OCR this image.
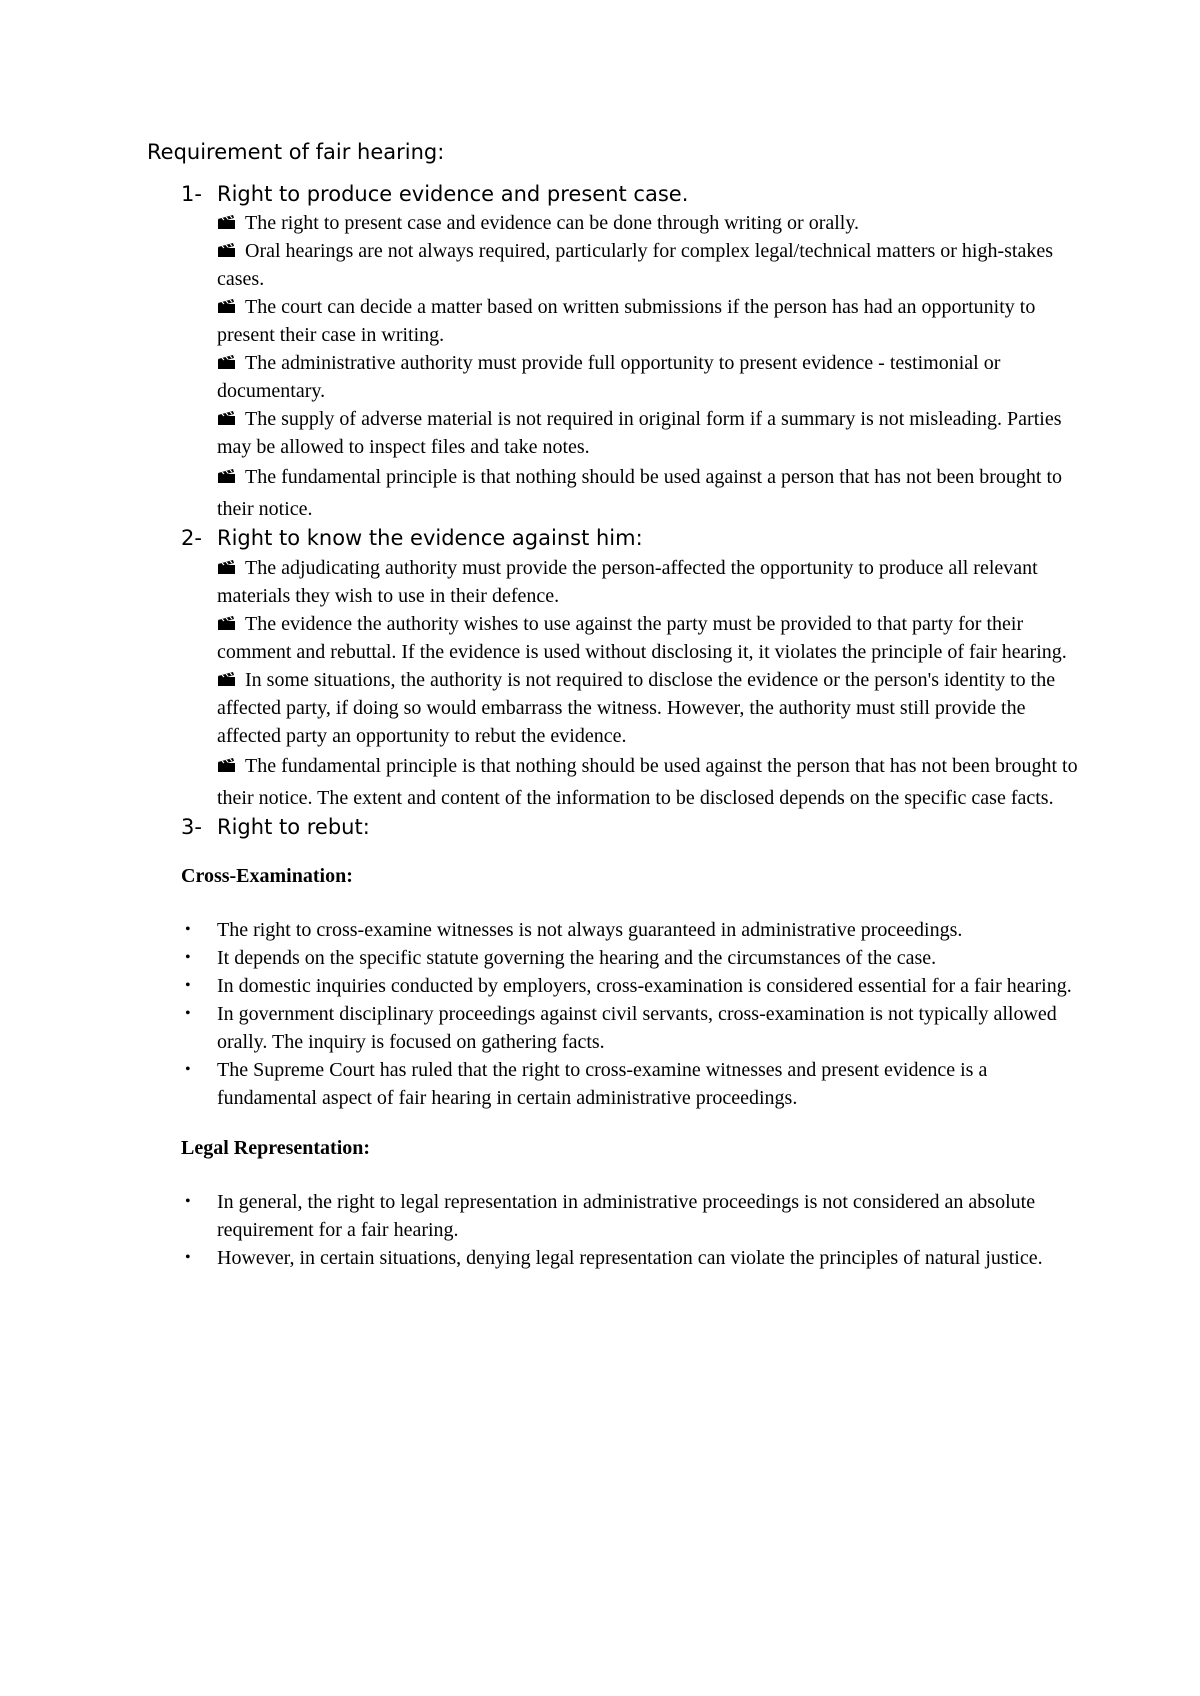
Requirement of fair hearing:
1- Right to produce evidence and present case.

The right to present case and evidence can be done through writing or orally.

Oral hearings are not always required, particularly for complex legal/technical matters or high-stakes cases.

The court can decide a matter based on written submissions if the person has had an opportunity to present their case in writing.

The administrative authority must provide full opportunity to present evidence - testimonial or documentary.

The supply of adverse material is not required in original form if a summary is not misleading. Parties may be allowed to inspect files and take notes.

The fundamental principle is that nothing should be used against a person that has not been brought to their notice.

2- Right to know the evidence against him:

The adjudicating authority must provide the person-affected the opportunity to produce all relevant materials they wish to use in their defence.

The evidence the authority wishes to use against the party must be provided to that party for their comment and rebuttal. If the evidence is used without disclosing it, it violates the principle of fair hearing.

In some situations, the authority is not required to disclose the evidence or the person's identity to the affected party, if doing so would embarrass the witness. However, the authority must still provide the affected party an opportunity to rebut the evidence.

The fundamental principle is that nothing should be used against the person that has not been brought to their notice. The extent and content of the information to be disclosed depends on the specific case facts.

3- Right to rebut:
Cross-Examination:
•	The right to cross-examine witnesses is not always guaranteed in administrative proceedings.
•	It depends on the specific statute governing the hearing and the circumstances of the case.
•	In domestic inquiries conducted by employers, cross-examination is considered essential for a fair hearing.
•	In government disciplinary proceedings against civil servants, cross-examination is not typically allowed orally. The inquiry is focused on gathering facts.
•	The Supreme Court has ruled that the right to cross-examine witnesses and present evidence is a fundamental aspect of fair hearing in certain administrative proceedings.
Legal Representation:
•	In general, the right to legal representation in administrative proceedings is not considered an absolute requirement for a fair hearing.
•	However, in certain situations, denying legal representation can violate the principles of natural justice.
